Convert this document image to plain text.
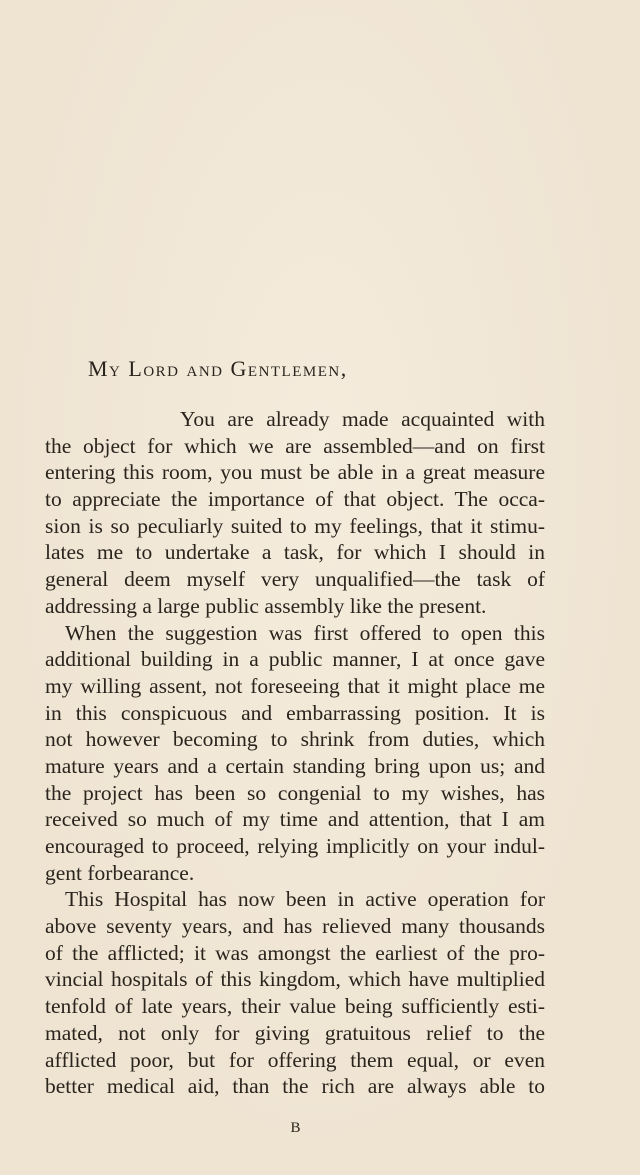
My Lord and Gentlemen,
You are already made acquainted with
the object for which we are assembled—and on first
entering this room, you must be able in a great measure
to appreciate the importance of that object. The occa-
sion is so peculiarly suited to my feelings, that it stimu-
lates me to undertake a task, for which I should in
general deem myself very unqualified—the task of
addressing a large public assembly like the present.
When the suggestion was first offered to open this
additional building in a public manner, I at once gave
my willing assent, not foreseeing that it might place me
in this conspicuous and embarrassing position. It is
not however becoming to shrink from duties, which
mature years and a certain standing bring upon us; and
the project has been so congenial to my wishes, has
received so much of my time and attention, that I am
encouraged to proceed, relying implicitly on your indul-
gent forbearance.
This Hospital has now been in active operation for
above seventy years, and has relieved many thousands
of the afflicted; it was amongst the earliest of the pro-
vincial hospitals of this kingdom, which have multiplied
tenfold of late years, their value being sufficiently esti-
mated, not only for giving gratuitous relief to the
afflicted poor, but for offering them equal, or even
better medical aid, than the rich are always able to
B
